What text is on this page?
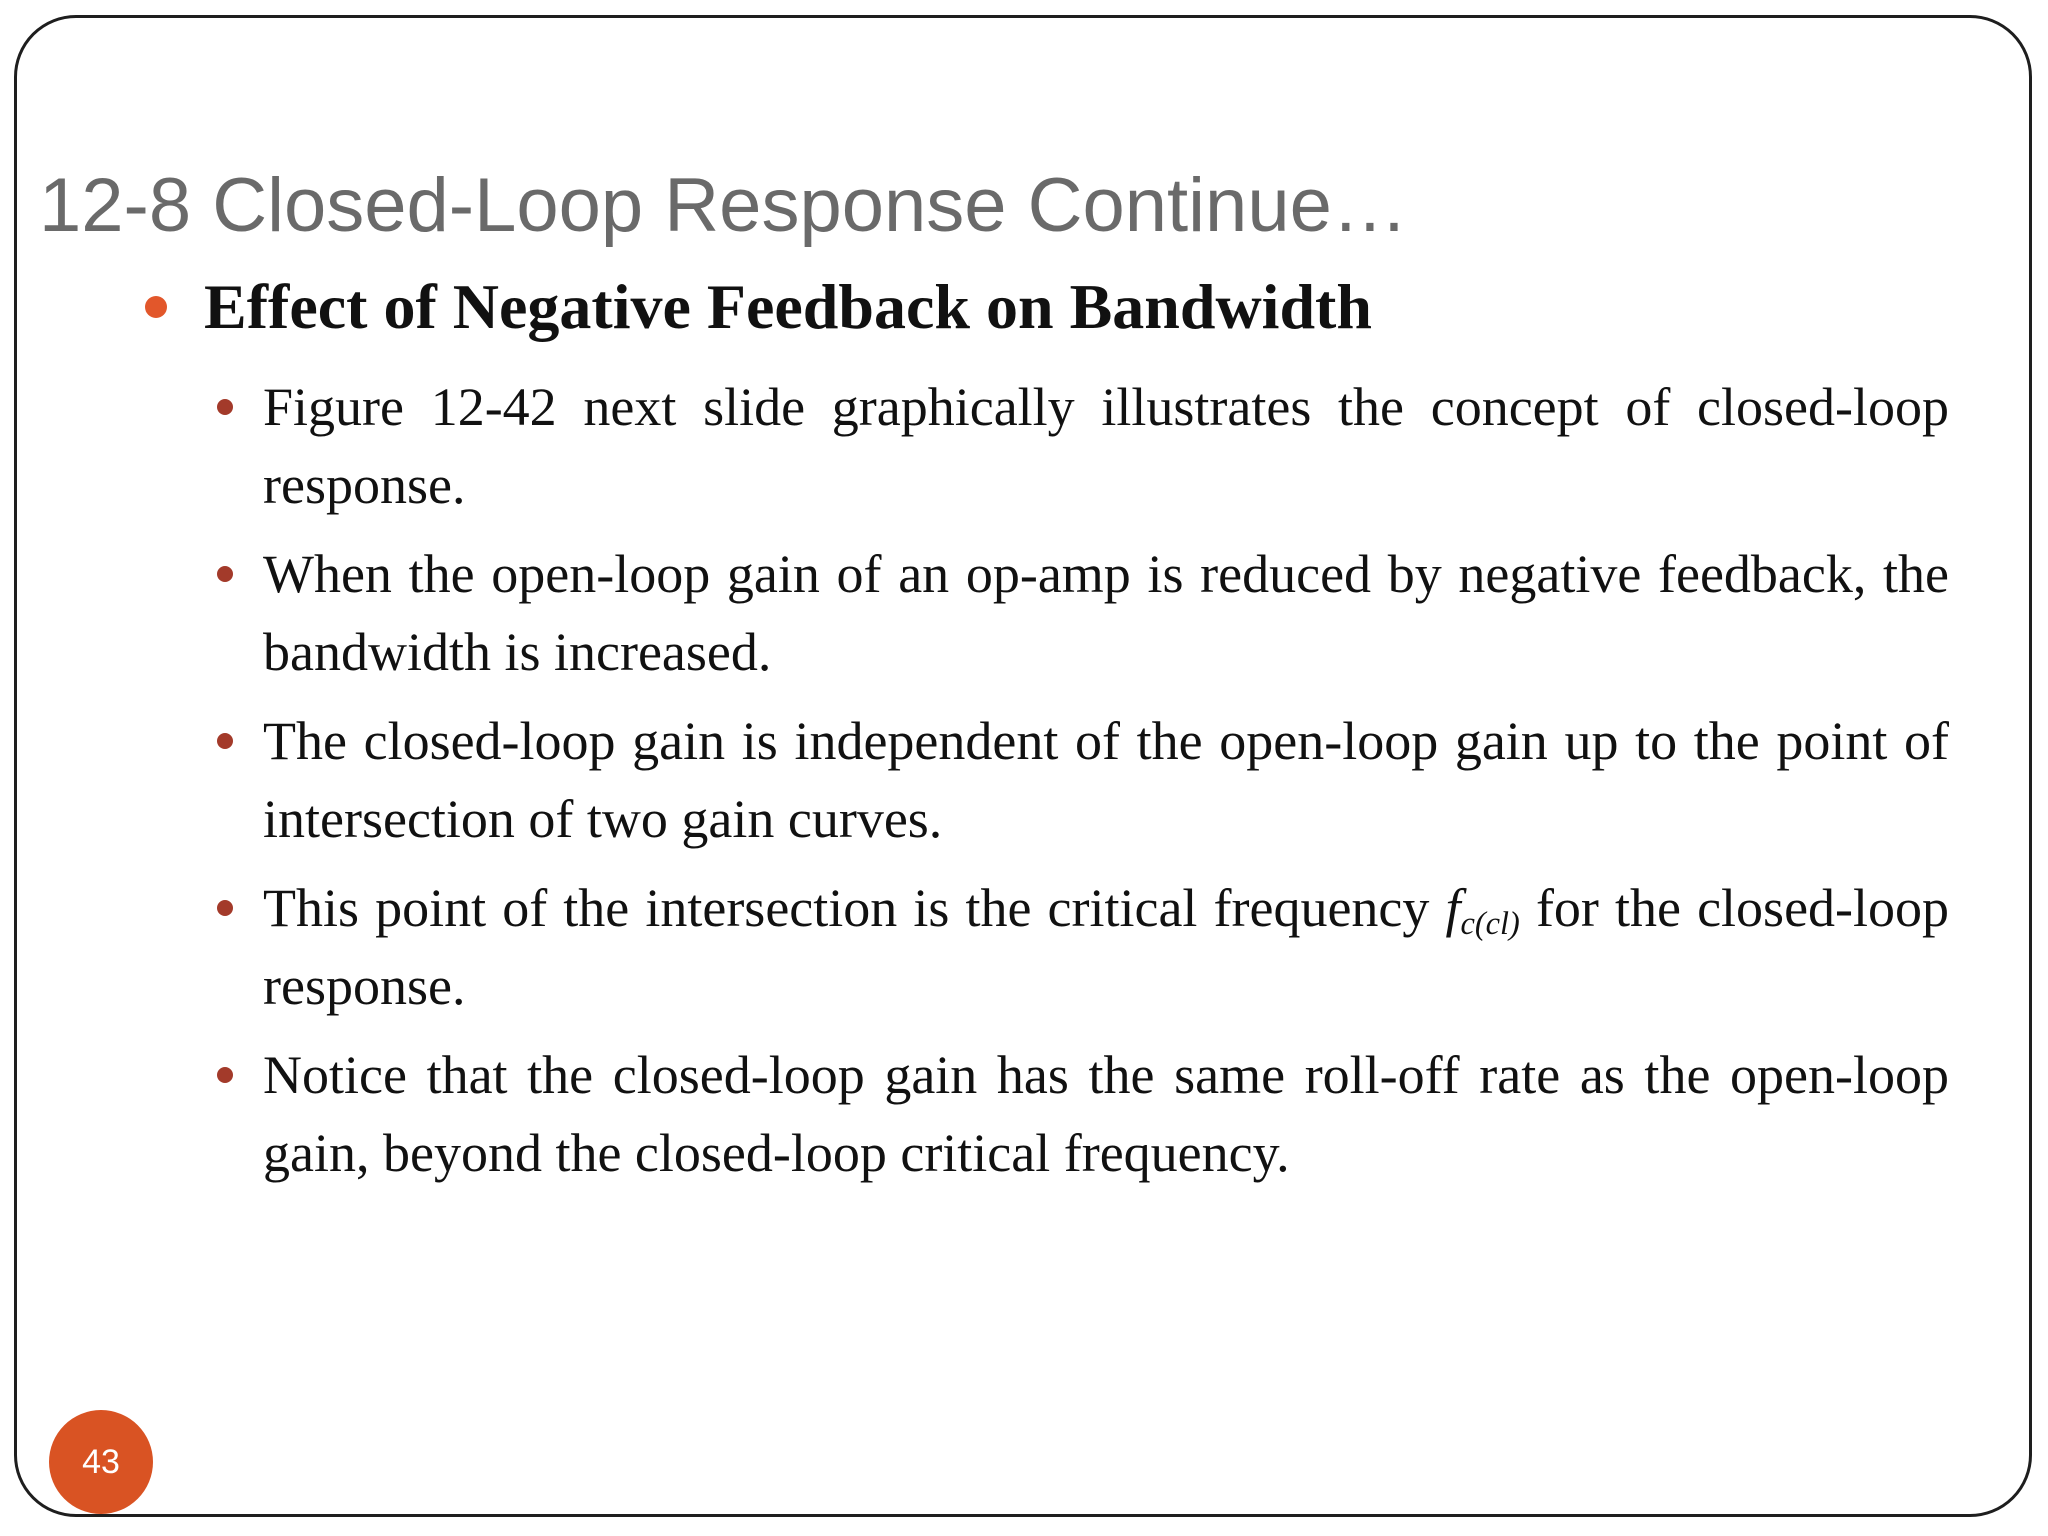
12-8 Closed-Loop Response Continue…
Effect of Negative Feedback on Bandwidth
Figure 12-42 next slide graphically illustrates the concept of closed-loop response.
When the open-loop gain of an op-amp is reduced by negative feedback, the bandwidth is increased.
The closed-loop gain is independent of the open-loop gain up to the point of intersection of two gain curves.
This point of the intersection is the critical frequency $f_{c(cl)}$ for the closed-loop response.
Notice that the closed-loop gain has the same roll-off rate as the open-loop gain, beyond the closed-loop critical frequency.
43
